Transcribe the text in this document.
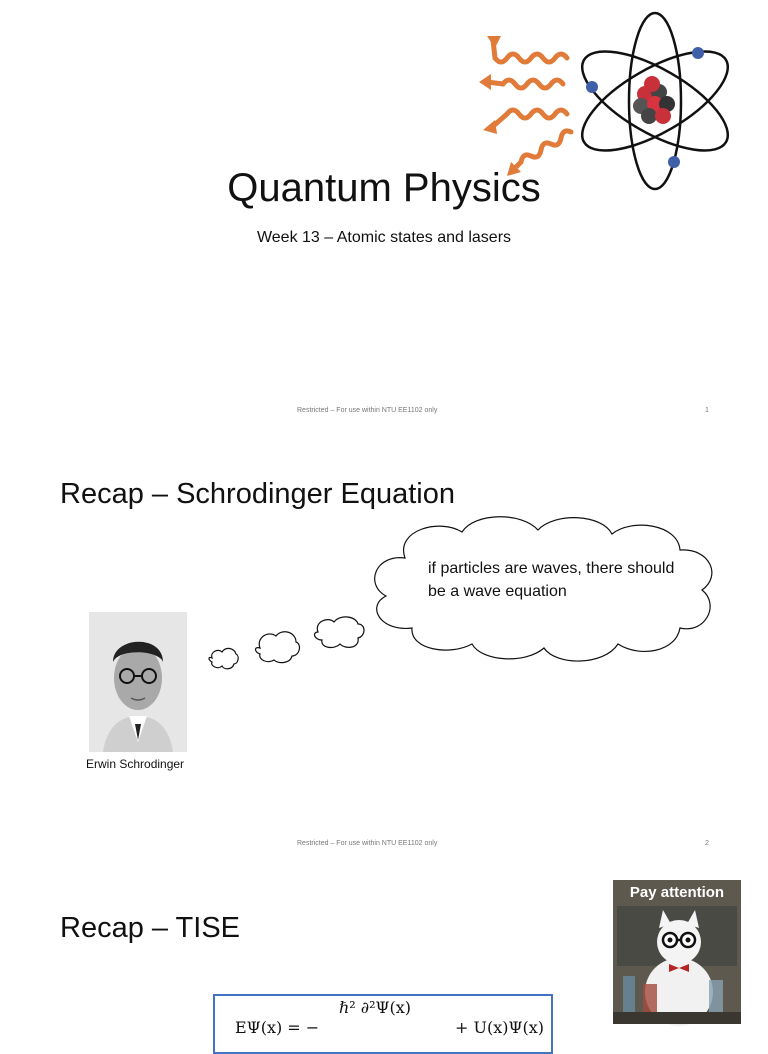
Quantum Physics
Week 13 – Atomic states and lasers
Restricted – For use within NTU EE1102 only	1
Recap – Schrodinger Equation
if particles are waves, there should be a wave equation
Erwin Schrodinger
Restricted – For use within NTU EE1102 only	2
Recap – TISE
Pay attention
ℏ² ∂²Ψ(x)
EΨ(x) = −	+ U(x)Ψ(x)
